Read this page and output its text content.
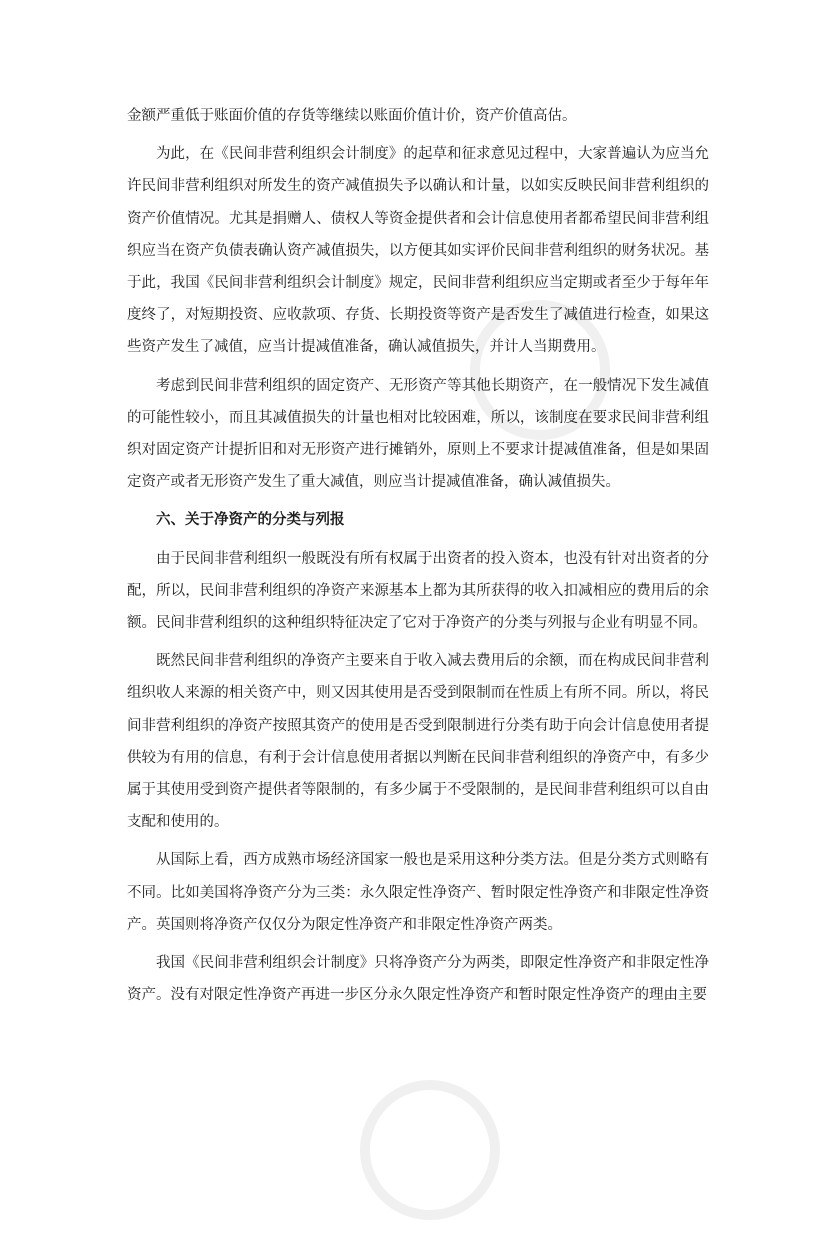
金额严重低于账面价值的存货等继续以账面价值计价，资产价值高估。

为此，在《民间非营利组织会计制度》的起草和征求意见过程中，大家普遍认为应当允许民间非营利组织对所发生的资产减值损失予以确认和计量，以如实反映民间非营利组织的资产价值情况。尤其是捐赠人、债权人等资金提供者和会计信息使用者都希望民间非营利组织应当在资产负债表确认资产减值损失，以方便其如实评价民间非营利组织的财务状况。基于此，我国《民间非营利组织会计制度》规定，民间非营利组织应当定期或者至少于每年年度终了，对短期投资、应收款项、存货、长期投资等资产是否发生了减值进行检查，如果这些资产发生了减值，应当计提减值准备，确认减值损失，并计人当期费用。

考虑到民间非营利组织的固定资产、无形资产等其他长期资产，在一般情况下发生减值的可能性较小，而且其减值损失的计量也相对比较困难，所以，该制度在要求民间非营利组织对固定资产计提折旧和对无形资产进行摊销外，原则上不要求计提减值准备，但是如果固定资产或者无形资产发生了重大减值，则应当计提减值准备，确认减值损失。

六、关于净资产的分类与列报

由于民间非营利组织一般既没有所有权属于出资者的投入资本，也没有针对出资者的分配，所以，民间非营利组织的净资产来源基本上都为其所获得的收入扣减相应的费用后的余额。民间非营利组织的这种组织特征决定了它对于净资产的分类与列报与企业有明显不同。

既然民间非营利组织的净资产主要来自于收入减去费用后的余额，而在构成民间非营利组织收人来源的相关资产中，则又因其使用是否受到限制而在性质上有所不同。所以，将民间非营利组织的净资产按照其资产的使用是否受到限制进行分类有助于向会计信息使用者提供较为有用的信息，有利于会计信息使用者据以判断在民间非营利组织的净资产中，有多少属于其使用受到资产提供者等限制的，有多少属于不受限制的，是民间非营利组织可以自由支配和使用的。

从国际上看，西方成熟市场经济国家一般也是采用这种分类方法。但是分类方式则略有不同。比如美国将净资产分为三类：永久限定性净资产、暂时限定性净资产和非限定性净资产。英国则将净资产仅仅分为限定性净资产和非限定性净资产两类。

我国《民间非营利组织会计制度》只将净资产分为两类，即限定性净资产和非限定性净资产。没有对限定性净资产再进一步区分永久限定性净资产和暂时限定性净资产的理由主要
